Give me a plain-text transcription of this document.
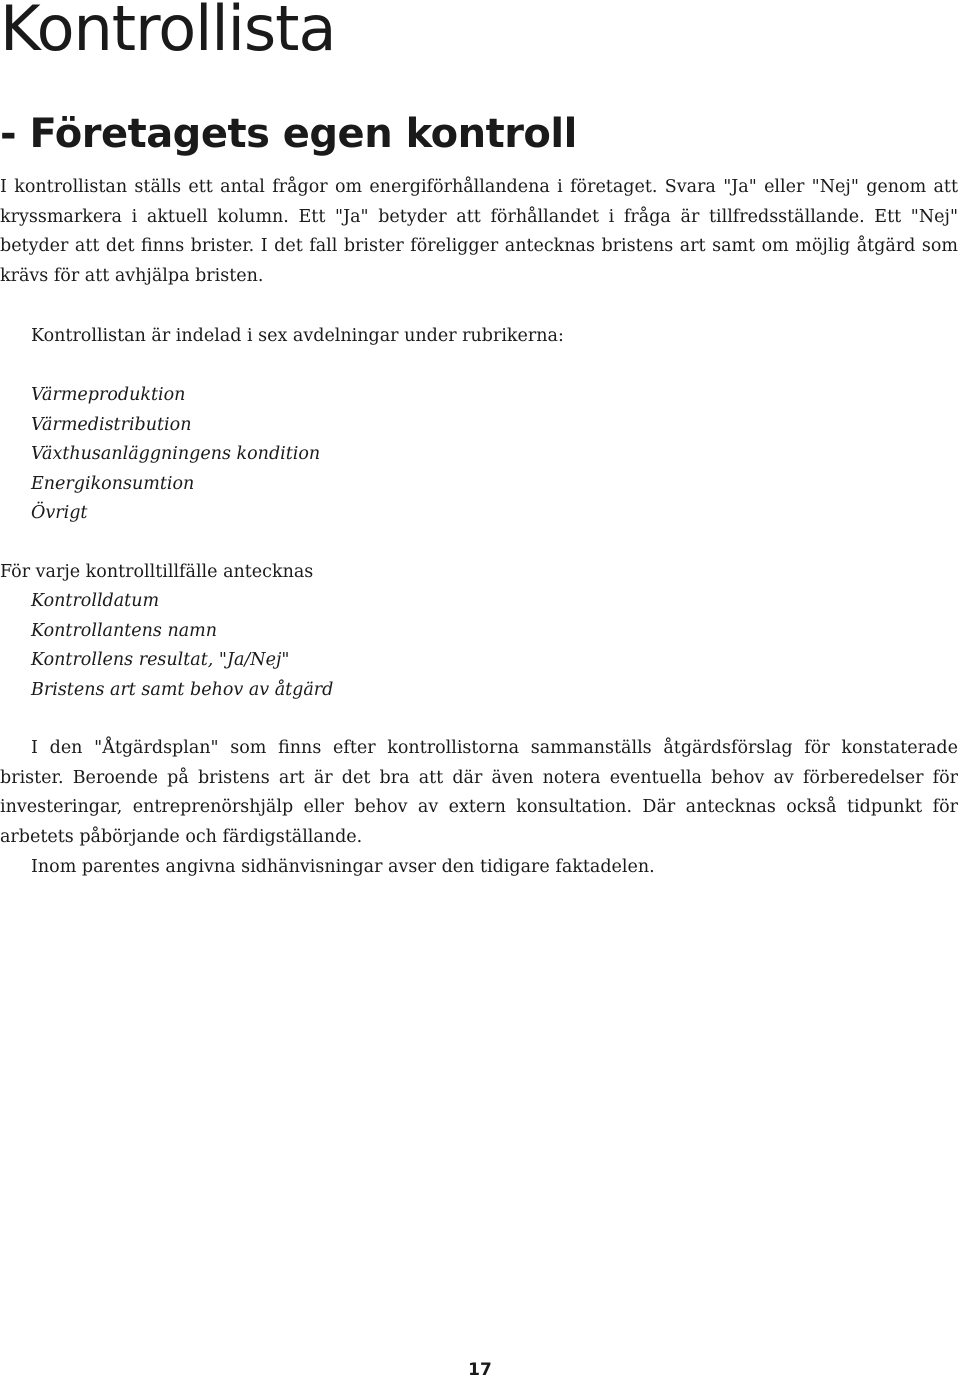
Kontrollista
- Företagets egen kontroll

I kontrollistan ställs ett antal frågor om energiförhållandena i företaget. Svara "Ja" eller "Nej" genom att kryssmarkera i aktuell kolumn. Ett "Ja" betyder att förhållandet i fråga är tillfredsställande. Ett "Nej" betyder att det finns brister. I det fall brister föreligger antecknas bristens art samt om möjlig åtgärd som krävs för att avhjälpa bristen.

Kontrollistan är indelad i sex avdelningar under rubrikerna:

Värmeproduktion
Värmedistribution
Växthusanläggningens kondition
Energikonsumtion
Övrigt

För varje kontrolltillfälle antecknas

Kontrolldatum
Kontrollantens namn
Kontrollens resultat, "Ja/Nej"
Bristens art samt behov av åtgärd

I den "Åtgärdsplan" som finns efter kontrollistorna sammanställs åtgärdsförslag för konstaterade brister. Beroende på bristens art är det bra att där även notera eventuella behov av förberedelser för investeringar, entreprenörshjälp eller behov av extern konsultation. Där antecknas också tidpunkt för arbetets påbörjande och färdigställande.

Inom parentes angivna sidhänvisningar avser den tidigare faktadelen.

17
